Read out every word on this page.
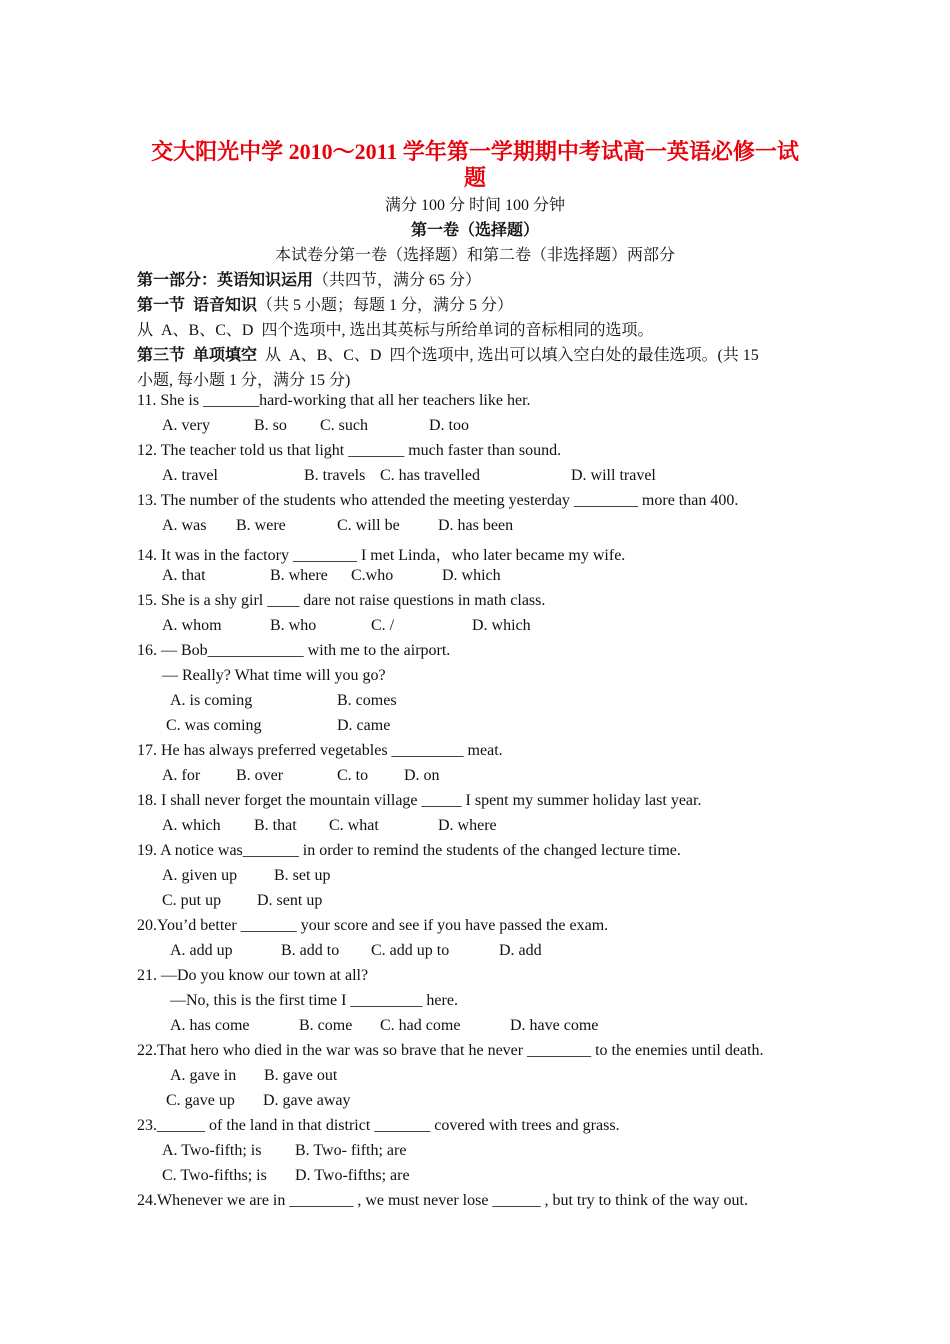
交大阳光中学 2010～2011 学年第一学期期中考试高一英语必修一试
题
满分 100 分 时间 100 分钟
第一卷（选择题）
本试卷分第一卷（选择题）和第二卷（非选择题）两部分
第一部分：英语知识运用（共四节，满分 65 分）
第一节  语音知识（共 5 小题；每题 1 分，满分 5 分）
从  A、B、C、D  四个选项中, 选出其英标与所给单词的音标相同的选项。
第三节  单项填空  从  A、B、C、D  四个选项中, 选出可以填入空白处的最佳选项。(共 15
小题, 每小题 1 分，满分 15 分)
11. She is _______hard-working that all her teachers like her.
A. very	B. so C. such	D. too
12. The teacher told us that light _______ much faster than sound.
A. travel	B. travels C. has travelled	D. will travel
13. The number of the students who attended the meeting yesterday ________ more than 400.
A. was B. were	C. will be D. has been
14. It was in the factory ________ I met Linda，who later became my wife.
A. that	B. where C.who	D. which
15. She is a shy girl ____ dare not raise questions in math class.
A. whom	B. who	C. /	D. which
16. — Bob____________ with me to the airport.
— Really? What time will you go?
A. is coming	B. comes
C. was coming	D. came
17. He has always preferred vegetables _________ meat.
A. for B. over	C. to D. on
18. I shall never forget the mountain village _____ I spent my summer holiday last year.
A. which B. that C. what	D. where
19. A notice was_______ in order to remind the students of the changed lecture time.
A. given up B. set up
C. put up D. sent up
20.You’d better _______ your score and see if you have passed the exam.
A. add up	B. add to C. add up to	D. add
21. —Do you know our town at all?
—No, this is the first time I _________ here.
A. has come	B. come C. had come	D. have come
22.That hero who died in the war was so brave that he never ________ to the enemies until death.
A. gave in B. gave out
C. gave up D. gave away
23.______ of the land in that district _______ covered with trees and grass.
A. Two-fifth; is B. Two- fifth; are
C. Two-fifths; is D. Two-fifths; are
24.Whenever we are in ________ , we must never lose ______ , but try to think of the way out.
